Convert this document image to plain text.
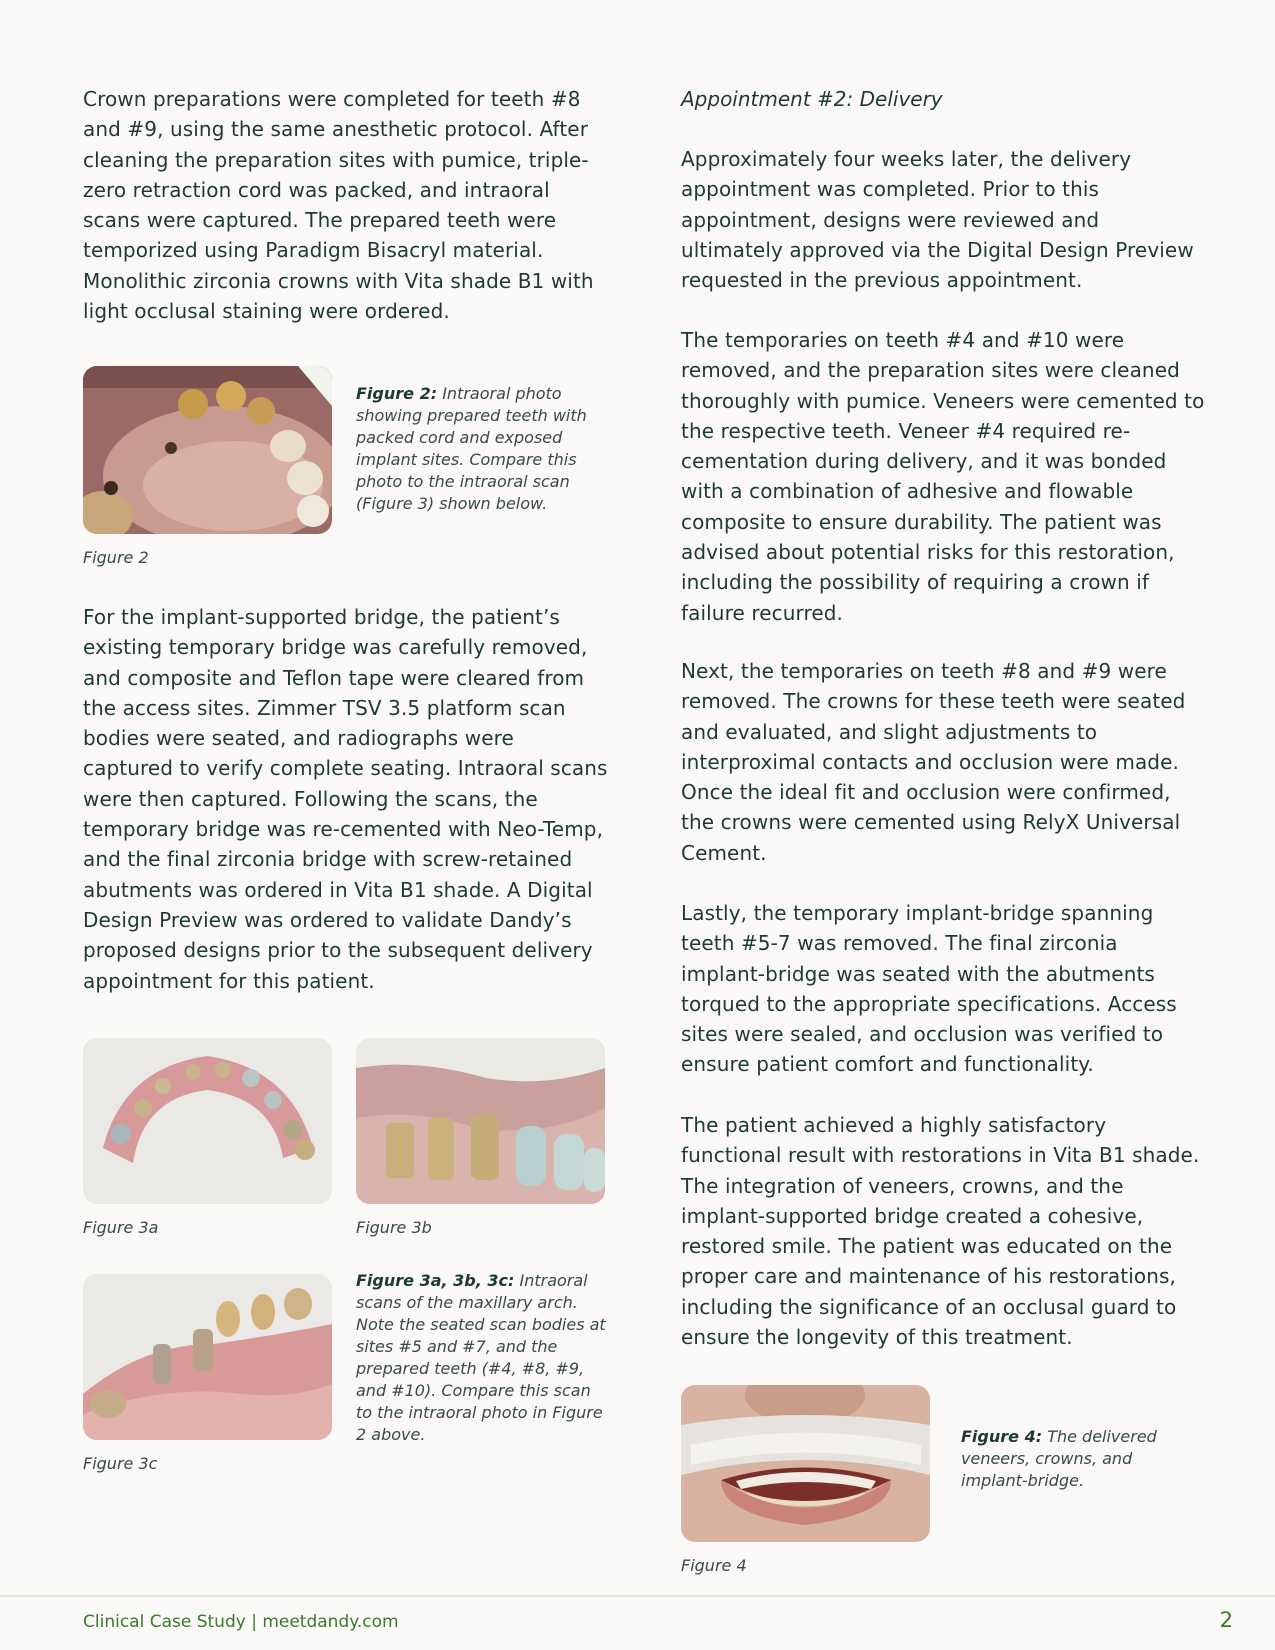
Crown preparations were completed for teeth #8 and #9, using the same anesthetic protocol. After cleaning the preparation sites with pumice, triple-zero retraction cord was packed, and intraoral scans were captured. The prepared teeth were temporized using Paradigm Bisacryl material. Monolithic zirconia crowns with Vita shade B1 with light occlusal staining were ordered.

Figure 2: Intraoral photo showing prepared teeth with packed cord and exposed implant sites. Compare this photo to the intraoral scan (Figure 3) shown below.
Figure 2

For the implant-supported bridge, the patient’s existing temporary bridge was carefully removed, and composite and Teflon tape were cleared from the access sites. Zimmer TSV 3.5 platform scan bodies were seated, and radiographs were captured to verify complete seating. Intraoral scans were then captured. Following the scans, the temporary bridge was re-cemented with Neo-Temp, and the final zirconia bridge with screw-retained abutments was ordered in Vita B1 shade. A Digital Design Preview was ordered to validate Dandy’s proposed designs prior to the subsequent delivery appointment for this patient.

Figure 3a	Figure 3b
Figure 3c
Figure 3a, 3b, 3c: Intraoral scans of the maxillary arch. Note the seated scan bodies at sites #5 and #7, and the prepared teeth (#4, #8, #9, and #10). Compare this scan to the intraoral photo in Figure 2 above.

Appointment #2: Delivery

Approximately four weeks later, the delivery appointment was completed. Prior to this appointment, designs were reviewed and ultimately approved via the Digital Design Preview requested in the previous appointment.

The temporaries on teeth #4 and #10 were removed, and the preparation sites were cleaned thoroughly with pumice. Veneers were cemented to the respective teeth. Veneer #4 required re-cementation during delivery, and it was bonded with a combination of adhesive and flowable composite to ensure durability. The patient was advised about potential risks for this restoration, including the possibility of requiring a crown if failure recurred.

Next, the temporaries on teeth #8 and #9 were removed. The crowns for these teeth were seated and evaluated, and slight adjustments to interproximal contacts and occlusion were made. Once the ideal fit and occlusion were confirmed, the crowns were cemented using RelyX Universal Cement.

Lastly, the temporary implant-bridge spanning teeth #5-7 was removed. The final zirconia implant-bridge was seated with the abutments torqued to the appropriate specifications. Access sites were sealed, and occlusion was verified to ensure patient comfort and functionality.

The patient achieved a highly satisfactory functional result with restorations in Vita B1 shade. The integration of veneers, crowns, and the implant-supported bridge created a cohesive, restored smile. The patient was educated on the proper care and maintenance of his restorations, including the significance of an occlusal guard to ensure the longevity of this treatment.

Figure 4: The delivered veneers, crowns, and implant-bridge.
Figure 4
Clinical Case Study | meetdandy.com	2
